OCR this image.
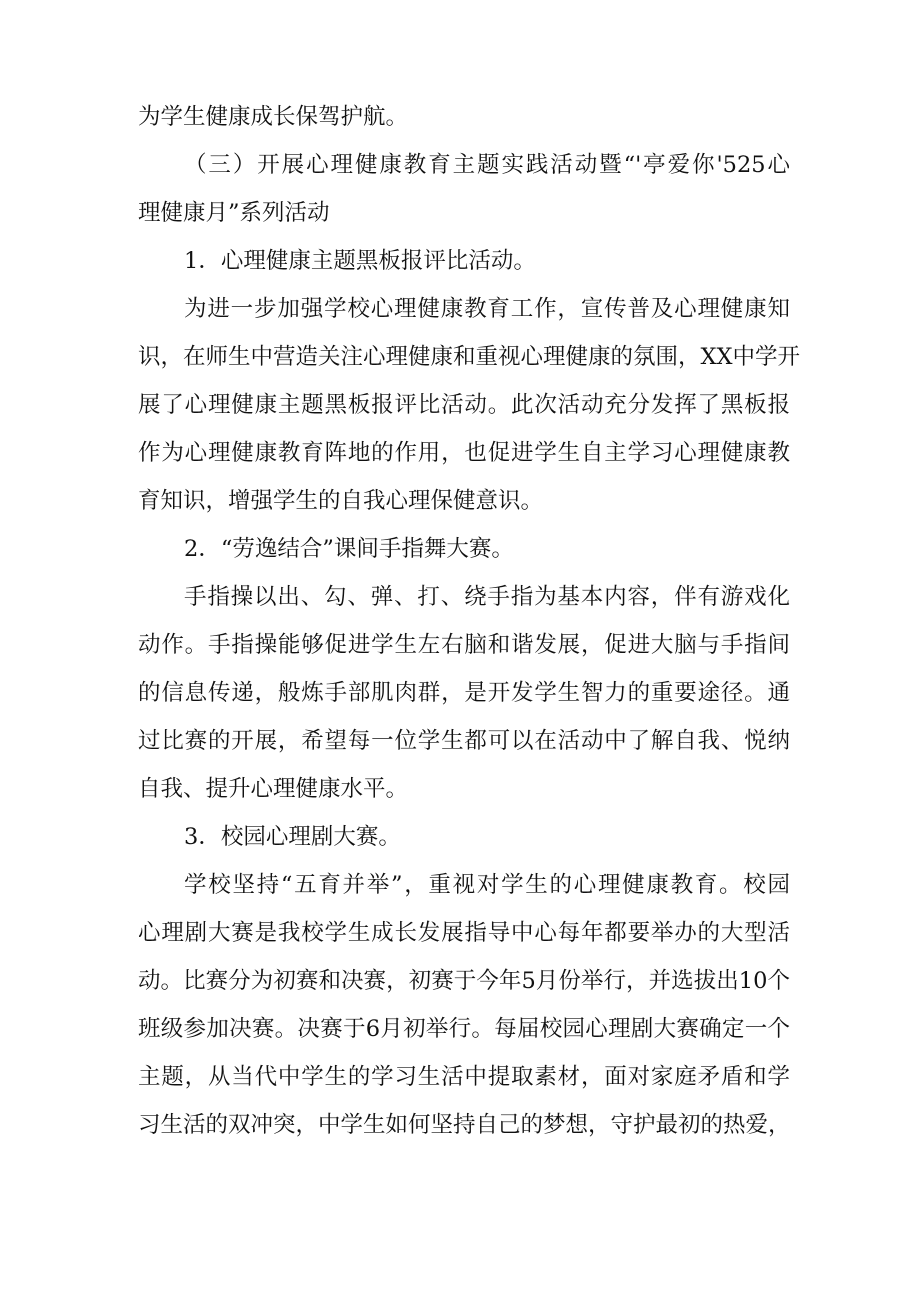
为学生健康成长保驾护航。
（三）开展心理健康教育主题实践活动暨“'亭爱你'525心
理健康月”系列活动
1．心理健康主题黑板报评比活动。
为进一步加强学校心理健康教育工作，宣传普及心理健康知
识，在师生中营造关注心理健康和重视心理健康的氛围，XX中学开
展了心理健康主题黑板报评比活动。此次活动充分发挥了黑板报
作为心理健康教育阵地的作用，也促进学生自主学习心理健康教
育知识，增强学生的自我心理保健意识。
2．“劳逸结合”课间手指舞大赛。
手指操以出、勾、弹、打、绕手指为基本内容，伴有游戏化
动作。手指操能够促进学生左右脑和谐发展，促进大脑与手指间
的信息传递，般炼手部肌肉群，是开发学生智力的重要途径。通
过比赛的开展，希望每一位学生都可以在活动中了解自我、悦纳
自我、提升心理健康水平。
3．校园心理剧大赛。
学校坚持“五育并举”，重视对学生的心理健康教育。校园
心理剧大赛是我校学生成长发展指导中心每年都要举办的大型活
动。比赛分为初赛和决赛，初赛于今年5月份举行，并选拔出10个
班级参加决赛。决赛于6月初举行。每届校园心理剧大赛确定一个
主题，从当代中学生的学习生活中提取素材，面对家庭矛盾和学
习生活的双冲突，中学生如何坚持自己的梦想，守护最初的热爱，
